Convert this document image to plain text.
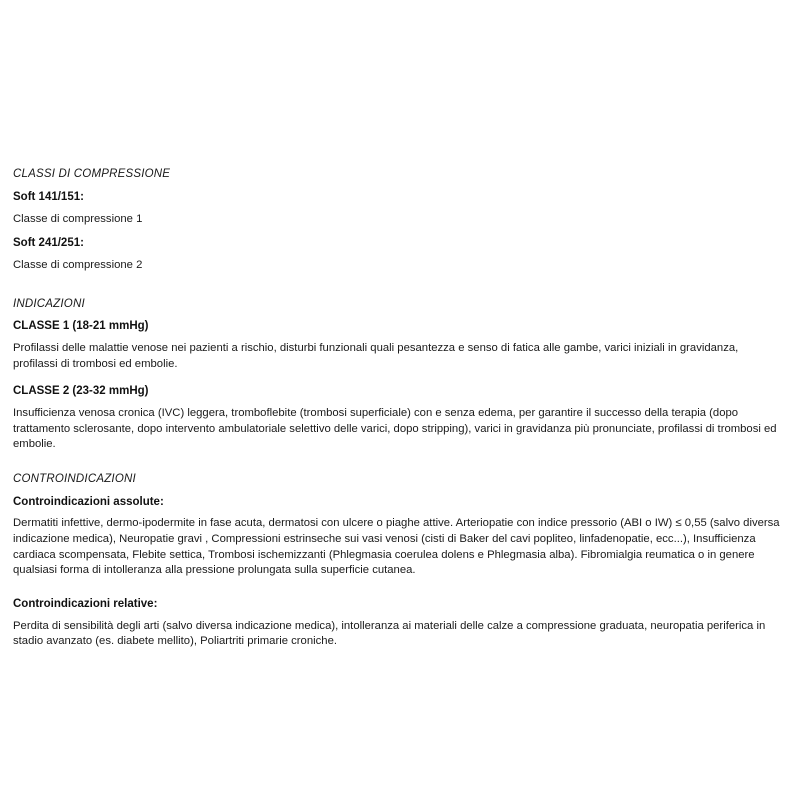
CLASSI DI COMPRESSIONE
Soft 141/151:
Classe di compressione 1
Soft 241/251:
Classe di compressione 2
INDICAZIONI
CLASSE 1 (18-21 mmHg)
Profilassi delle malattie venose nei pazienti a rischio, disturbi funzionali quali pesantezza e senso di fatica alle gambe, varici iniziali in gravidanza, profilassi di trombosi ed embolie.
CLASSE 2 (23-32 mmHg)
Insufficienza venosa cronica (IVC) leggera, tromboflebite (trombosi superficiale) con e senza edema, per garantire il successo della terapia (dopo trattamento sclerosante, dopo intervento ambulatoriale selettivo delle varici, dopo stripping), varici in gravidanza più pronunciate, profilassi di trombosi ed embolie.
CONTROINDICAZIONI
Controindicazioni assolute:
Dermatiti infettive, dermo-ipodermite in fase acuta, dermatosi con ulcere o piaghe attive. Arteriopatie con indice pressorio (ABI o IW) ≤ 0,55 (salvo diversa indicazione medica), Neuropatie gravi , Compressioni estrinseche sui vasi venosi (cisti di Baker del cavi popliteo, linfadenopatie, ecc...), Insufficienza cardiaca scompensata, Flebite settica, Trombosi ischemizzanti (Phlegmasia coerulea dolens e Phlegmasia alba). Fibromialgia reumatica o in genere qualsiasi forma di intolleranza alla pressione prolungata sulla superficie cutanea.
Controindicazioni relative:
Perdita di sensibilità degli arti (salvo diversa indicazione medica), intolleranza ai materiali delle calze a compressione graduata, neuropatia periferica in stadio avanzato (es. diabete mellito), Poliartriti primarie croniche.
